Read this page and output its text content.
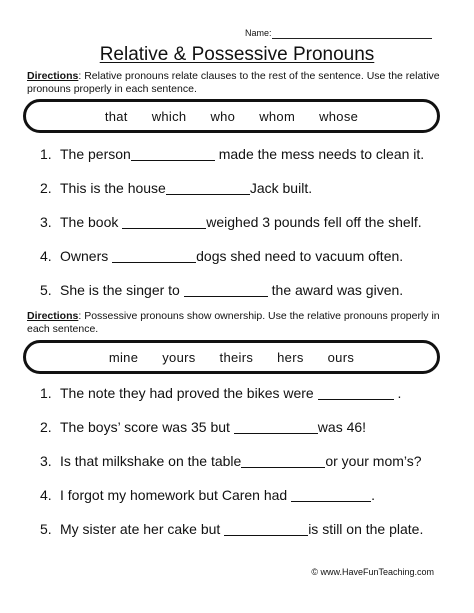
Name:
Relative & Possessive Pronouns
Directions: Relative pronouns relate clauses to the rest of the sentence. Use the relative pronouns properly in each sentence.
that which who whom whose
1. The person	made the mess needs to clean it.
2. This is the house	Jack built.
3. The book	weighed 3 pounds fell off the shelf.
4. Owners	dogs shed need to vacuum often.
5. She is the singer to	the award was given.
Directions: Possessive pronouns show ownership. Use the relative pronouns properly in each sentence.
mine yours theirs hers ours
1. The note they had proved the bikes were	.
2. The boys’ score was 35 but	was 46!
3. Is that milkshake on the table	or your mom’s?
4. I forgot my homework but Caren had	.
5. My sister ate her cake but	is still on the plate.
© www.HaveFunTeaching.com
